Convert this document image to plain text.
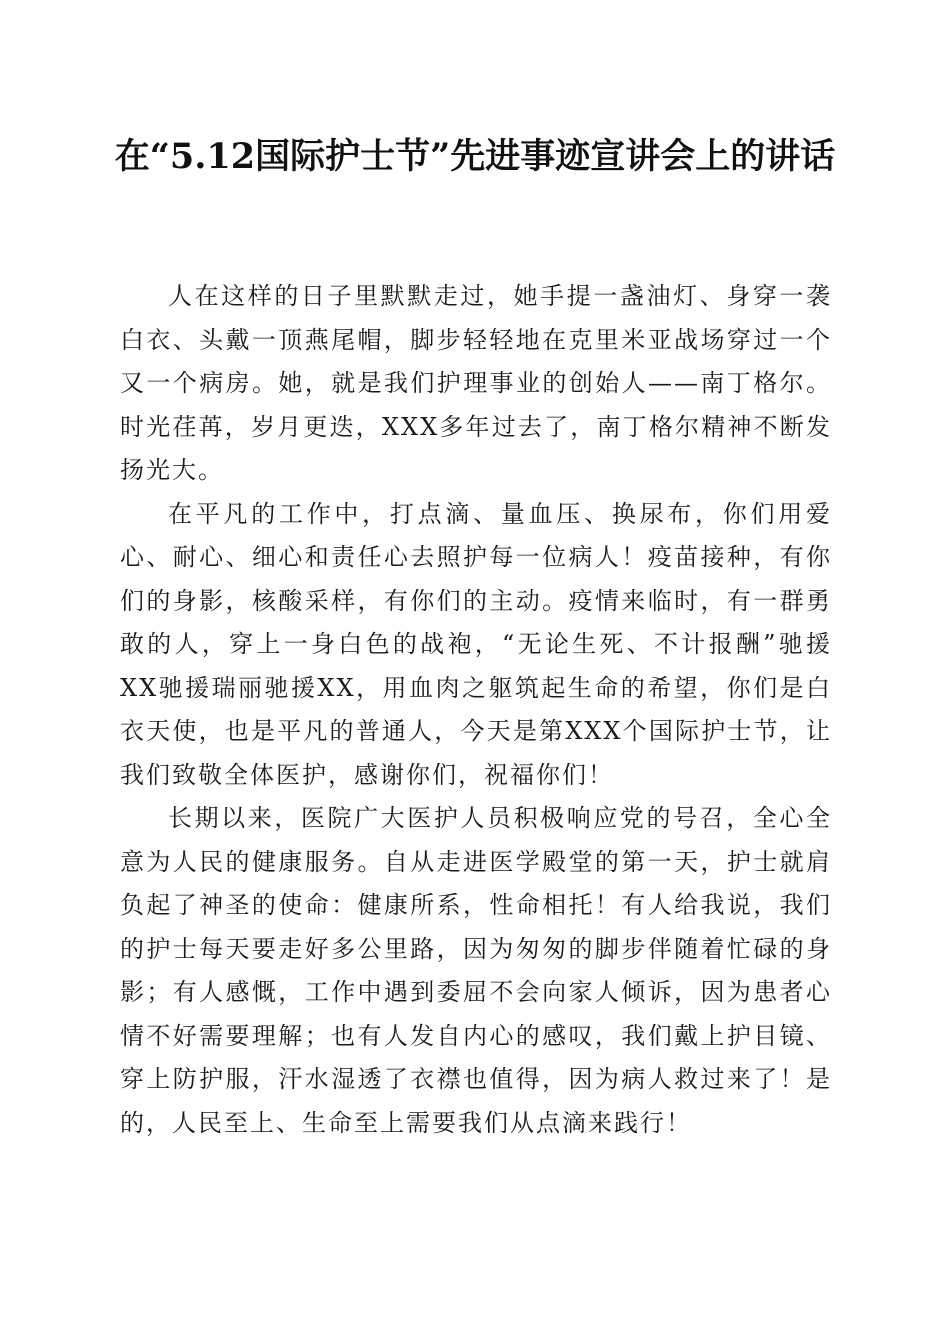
在“5.12国际护士节”先进事迹宣讲会上的讲话

人在这样的日子里默默走过，她手提一盏油灯、身穿一袭白衣、头戴一顶燕尾帽，脚步轻轻地在克里米亚战场穿过一个又一个病房。她，就是我们护理事业的创始人——南丁格尔。时光荏苒，岁月更迭，XXX多年过去了，南丁格尔精神不断发扬光大。

在平凡的工作中，打点滴、量血压、换尿布，你们用爱心、耐心、细心和责任心去照护每一位病人！疫苗接种，有你们的身影，核酸采样，有你们的主动。疫情来临时，有一群勇敢的人，穿上一身白色的战袍，“无论生死、不计报酬”驰援XX驰援瑞丽驰援XX，用血肉之躯筑起生命的希望，你们是白衣天使，也是平凡的普通人，今天是第XXX个国际护士节，让我们致敬全体医护，感谢你们，祝福你们！

长期以来，医院广大医护人员积极响应党的号召，全心全意为人民的健康服务。自从走进医学殿堂的第一天，护士就肩负起了神圣的使命：健康所系，性命相托！有人给我说，我们的护士每天要走好多公里路，因为匆匆的脚步伴随着忙碌的身影；有人感慨，工作中遇到委屈不会向家人倾诉，因为患者心情不好需要理解；也有人发自内心的感叹，我们戴上护目镜、穿上防护服，汗水湿透了衣襟也值得，因为病人救过来了！是的，人民至上、生命至上需要我们从点滴来践行！
